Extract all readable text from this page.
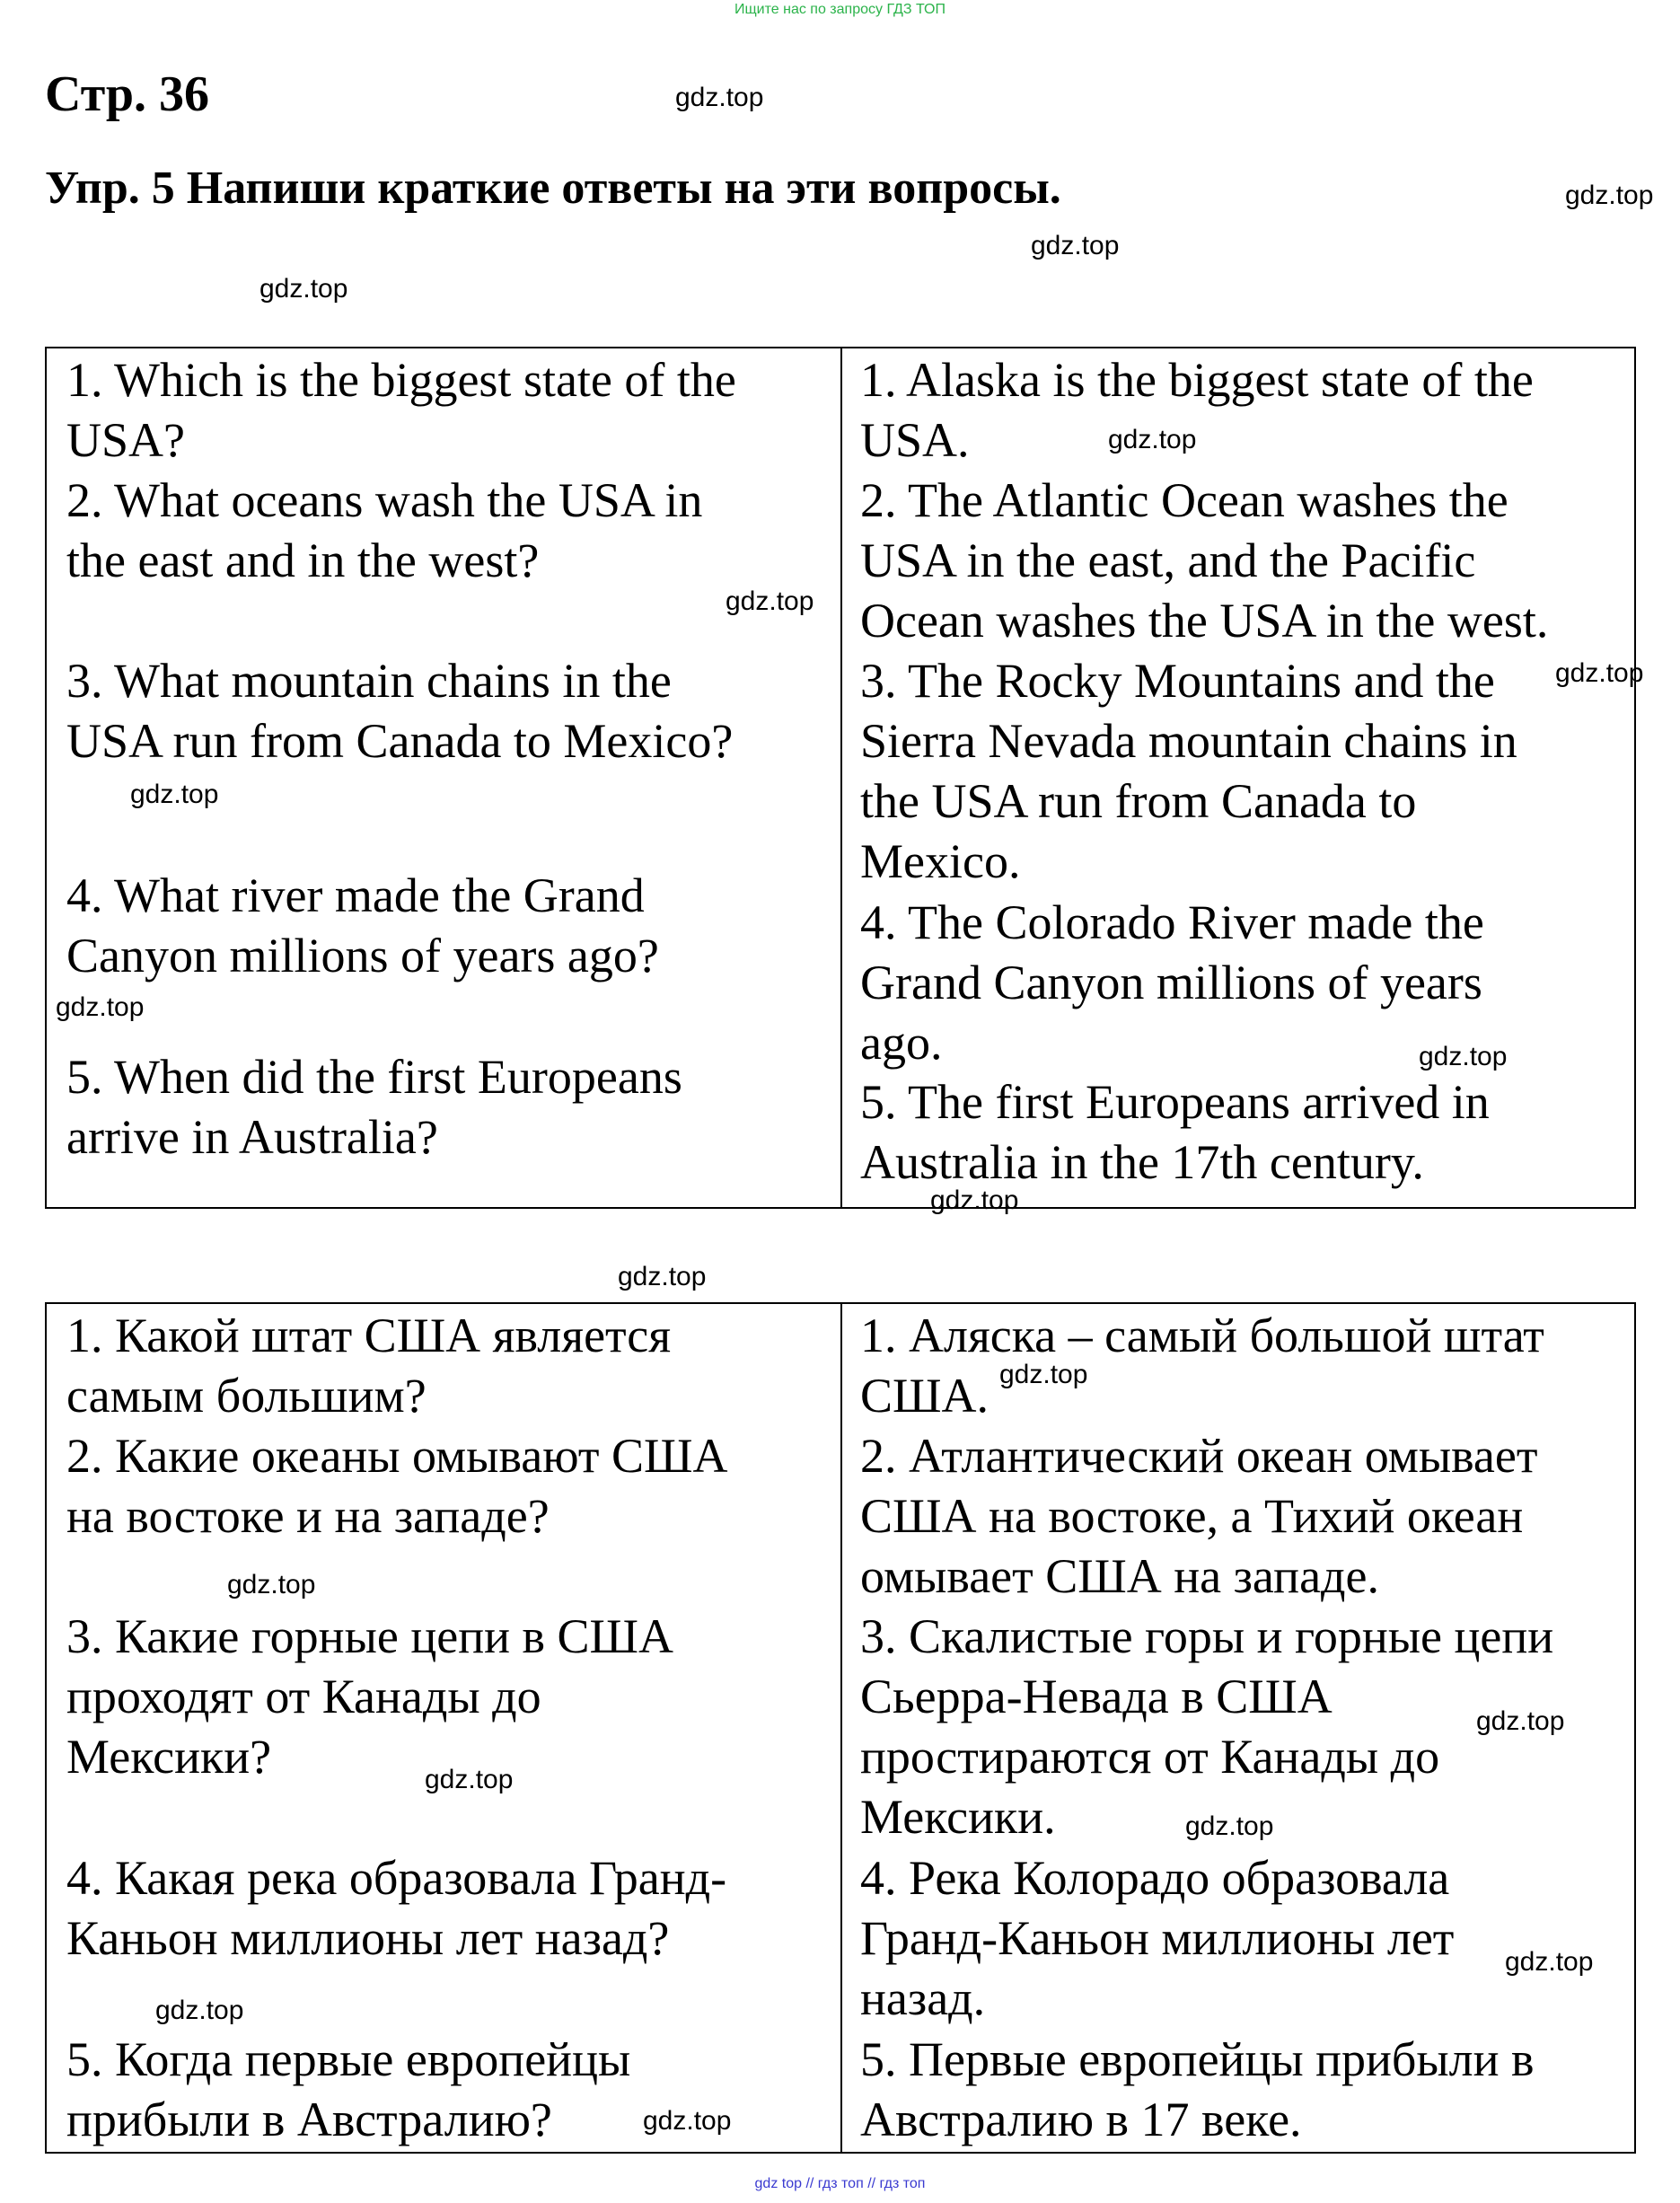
Ищите нас по запросу ГДЗ ТОП
Стр. 36
Упр. 5 Напиши краткие ответы на эти вопросы.

1. Which is the biggest state of the
USA?

2. What oceans wash the USA in
the east and in the west?

3. What mountain chains in the
USA run from Canada to Mexico?

4. What river made the Grand
Canyon millions of years ago?

5. When did the first Europeans
arrive in Australia?

1. Alaska is the biggest state of the
USA.

2. The Atlantic Ocean washes the
USA in the east, and the Pacific
Ocean washes the USA in the west.

3. The Rocky Mountains and the
Sierra Nevada mountain chains in
the USA run from Canada to
Mexico.

4. The Colorado River made the
Grand Canyon millions of years
ago.

5. The first Europeans arrived in
Australia in the 17th century.

1. Какой штат США является
самым большим?

2. Какие океаны омывают США
на востоке и на западе?

3. Какие горные цепи в США
проходят от Канады до
Мексики?

4. Какая река образовала Гранд-
Каньон миллионы лет назад?

5. Когда первые европейцы
прибыли в Австралию?

1. Аляска – самый большой штат
США.

2. Атлантический океан омывает
США на востоке, а Тихий океан
омывает США на западе.

3. Скалистые горы и горные цепи
Сьерра-Невада в США
простираются от Канады до
Мексики.

4. Река Колорадо образовала
Гранд-Каньон миллионы лет
назад.

5. Первые европейцы прибыли в
Австралию в 17 веке.

gdz.top
gdz.top
gdz.top
gdz.top
gdz.top
gdz.top
gdz.top
gdz.top
gdz.top
gdz.top
gdz.top
gdz.top
gdz.top
gdz.top
gdz.top
gdz.top
gdz.top
gdz.top
gdz.top
gdz.top
gdz top // гдз топ // гдз топ
